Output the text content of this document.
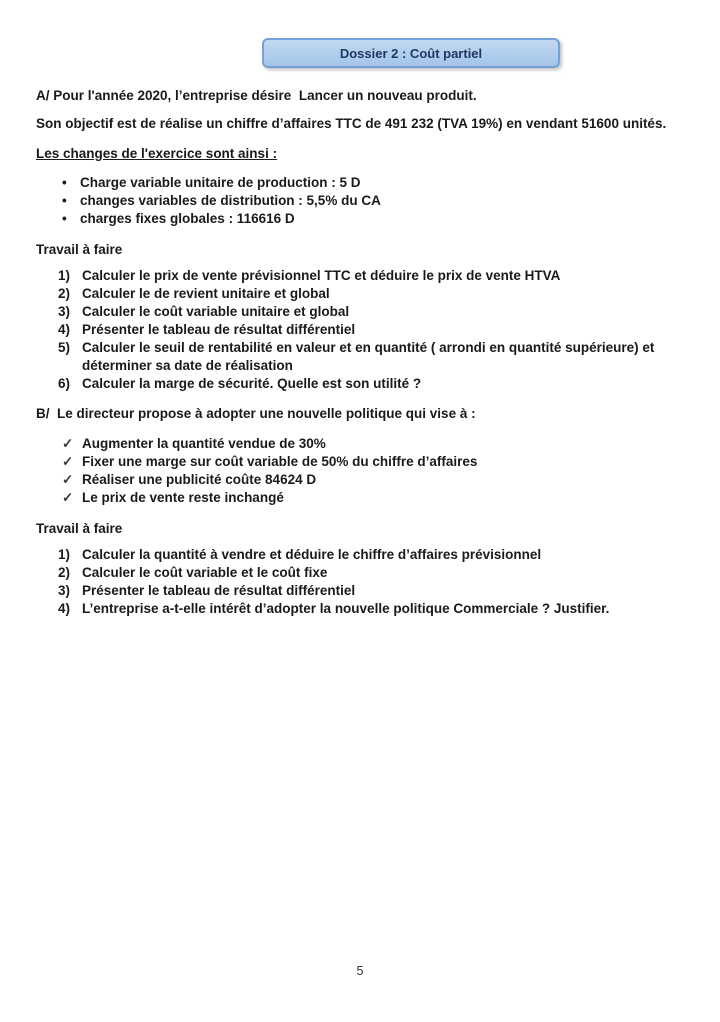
Dossier 2 : Coût partiel

A/ Pour l'année 2020, l’entreprise désire  Lancer un nouveau produit.

Son objectif est de réalise un chiffre d’affaires TTC de 491 232 (TVA 19%) en vendant 51600 unités.

Les changes de l'exercice sont ainsi :

• Charge variable unitaire de production : 5 D
• changes variables de distribution : 5,5% du CA
• charges fixes globales : 116616 D

Travail à faire

1) Calculer le prix de vente prévisionnel TTC et déduire le prix de vente HTVA
2) Calculer le de revient unitaire et global
3) Calculer le coût variable unitaire et global
4) Présenter le tableau de résultat différentiel
5) Calculer le seuil de rentabilité en valeur et en quantité ( arrondi en quantité supérieure) et déterminer sa date de réalisation
6) Calculer la marge de sécurité. Quelle est son utilité ?

B/  Le directeur propose à adopter une nouvelle politique qui vise à :

✓ Augmenter la quantité vendue de 30%
✓ Fixer une marge sur coût variable de 50% du chiffre d’affaires
✓ Réaliser une publicité coûte 84624 D
✓ Le prix de vente reste inchangé

Travail à faire

1) Calculer la quantité à vendre et déduire le chiffre d’affaires prévisionnel
2) Calculer le coût variable et le coût fixe
3) Présenter le tableau de résultat différentiel
4) L’entreprise a-t-elle intérêt d’adopter la nouvelle politique Commerciale ? Justifier.
5
